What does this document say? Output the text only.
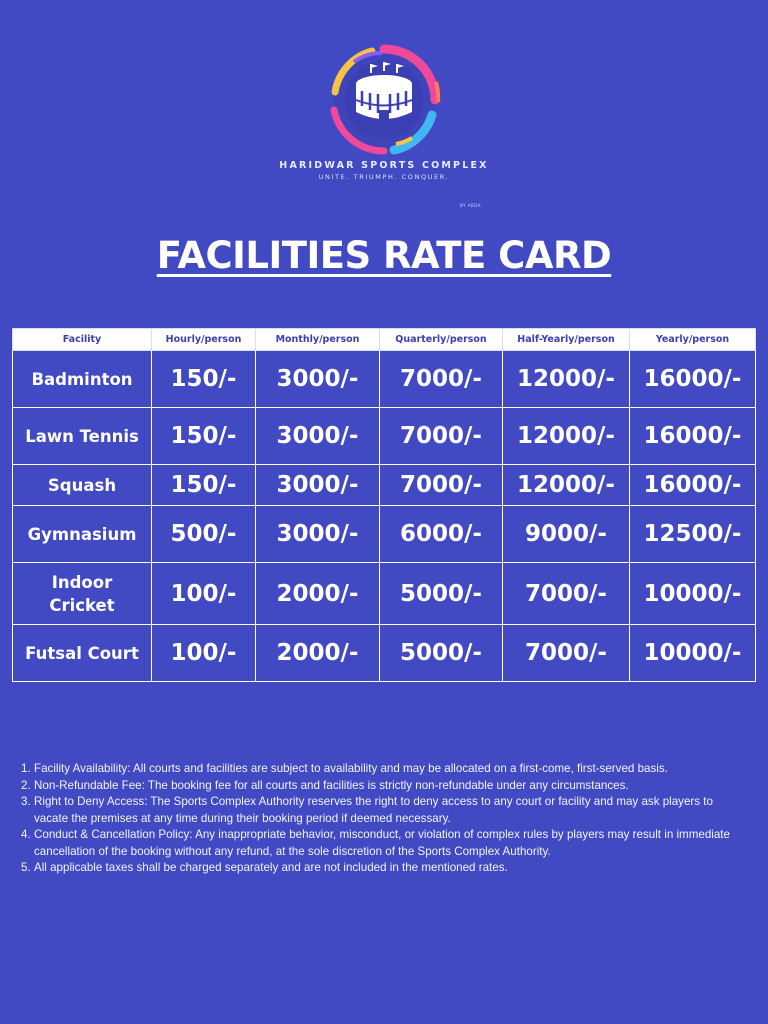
HARIDWAR SPORTS COMPLEX
UNITE. TRIUMPH. CONQUER.
BY ABDA
FACILITIES RATE CARD
Facility	Hourly/person	Monthly/person	Quarterly/person	Half-Yearly/person	Yearly/person
Badminton	150/-	3000/-	7000/-	12000/-	16000/-
Lawn Tennis	150/-	3000/-	7000/-	12000/-	16000/-
Squash	150/-	3000/-	7000/-	12000/-	16000/-
Gymnasium	500/-	3000/-	6000/-	9000/-	12500/-
Indoor Cricket	100/-	2000/-	5000/-	7000/-	10000/-
Futsal Court	100/-	2000/-	5000/-	7000/-	10000/-
1. Facility Availability: All courts and facilities are subject to availability and may be allocated on a first-come, first-served basis.
2. Non-Refundable Fee: The booking fee for all courts and facilities is strictly non-refundable under any circumstances.
3. Right to Deny Access: The Sports Complex Authority reserves the right to deny access to any court or facility and may ask players to vacate the premises at any time during their booking period if deemed necessary.
4. Conduct & Cancellation Policy: Any inappropriate behavior, misconduct, or violation of complex rules by players may result in immediate cancellation of the booking without any refund, at the sole discretion of the Sports Complex Authority.
5. All applicable taxes shall be charged separately and are not included in the mentioned rates.
